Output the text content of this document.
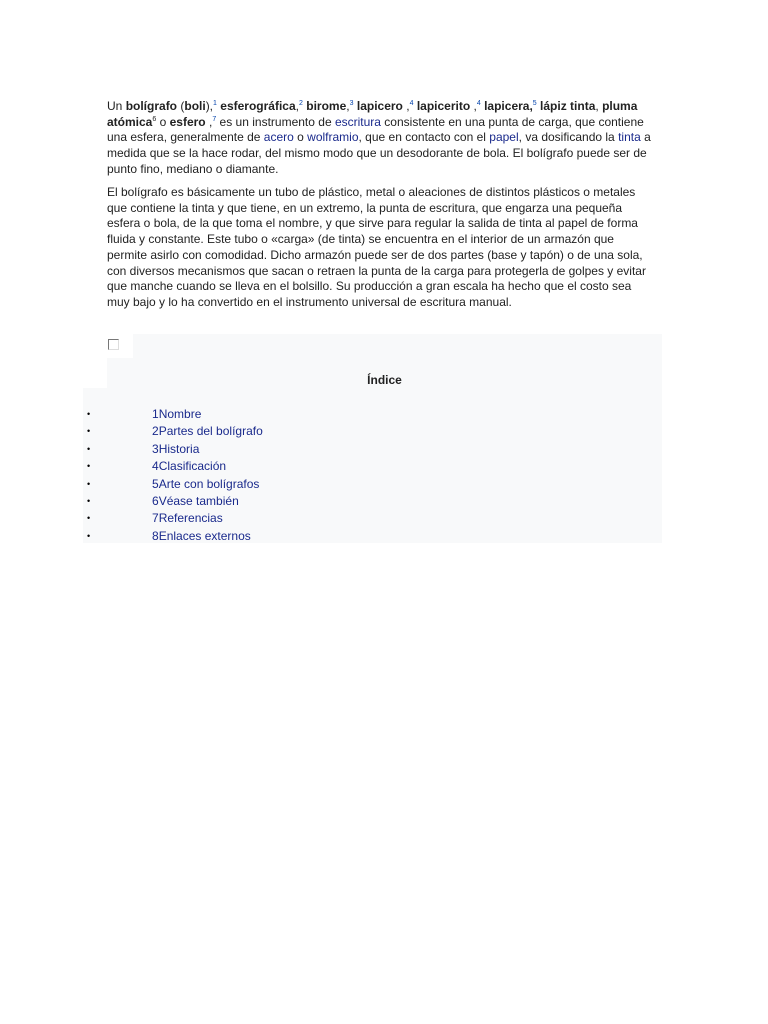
Un bolígrafo (boli),$^1$ esferográfica,$^2$ birome,$^3$ lapicero ,$^4$ lapicerito ,$^4$ lapicera,$^5$ lápiz tinta, pluma atómica$^6$ o esfero ,$^7$ es un instrumento de escritura consistente en una punta de carga, que contiene una esfera, generalmente de acero o wolframio, que en contacto con el papel, va dosificando la tinta a medida que se la hace rodar, del mismo modo que un desodorante de bola. El bolígrafo puede ser de punto fino, mediano o diamante.

El bolígrafo es básicamente un tubo de plástico, metal o aleaciones de distintos plásticos o metales que contiene la tinta y que tiene, en un extremo, la punta de escritura, que engarza una pequeña esfera o bola, de la que toma el nombre, y que sirve para regular la salida de tinta al papel de forma fluida y constante. Este tubo o «carga» (de tinta) se encuentra en el interior de un armazón que permite asirlo con comodidad. Dicho armazón puede ser de dos partes (base y tapón) o de una sola, con diversos mecanismos que sacan o retraen la punta de la carga para protegerla de golpes y evitar que manche cuando se lleva en el bolsillo. Su producción a gran escala ha hecho que el costo sea muy bajo y lo ha convertido en el instrumento universal de escritura manual.

Índice
•	1Nombre
•	2Partes del bolígrafo
•	3Historia
•	4Clasificación
•	5Arte con bolígrafos
•	6Véase también
•	7Referencias
•	8Enlaces externos
